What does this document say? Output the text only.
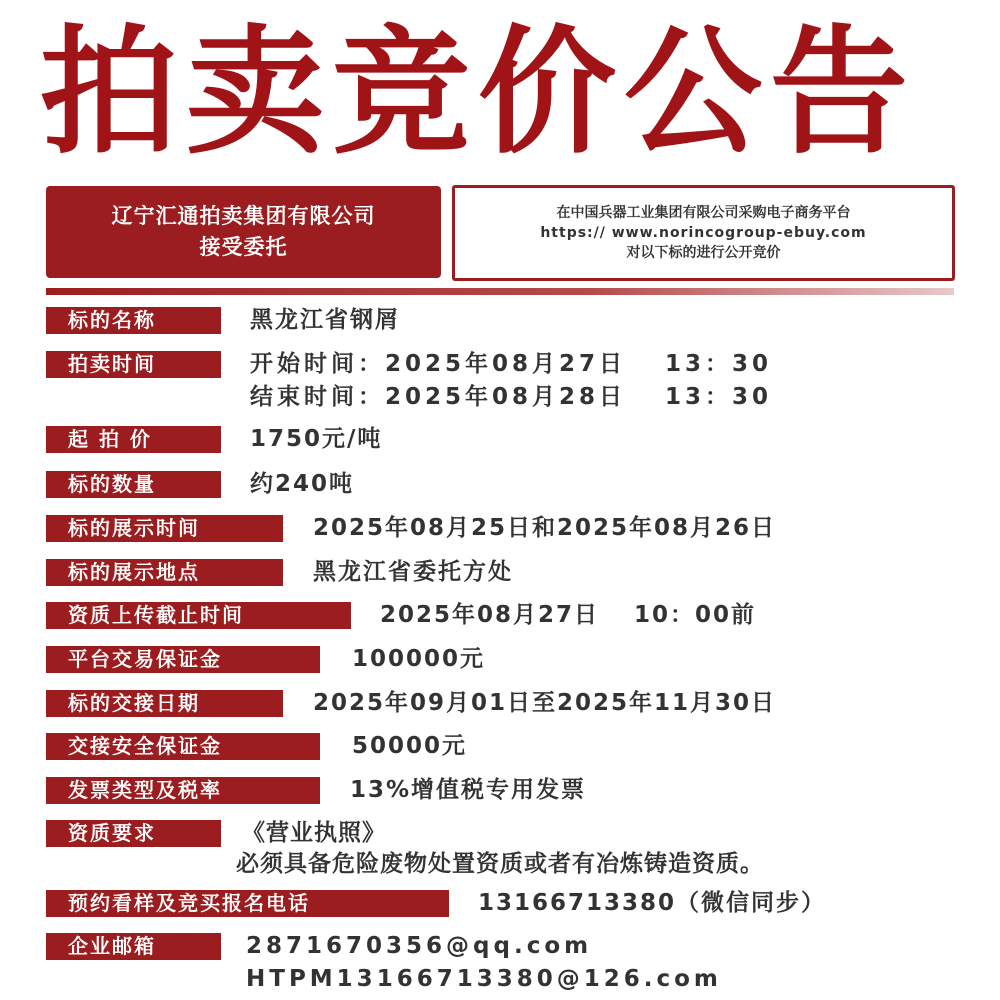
拍卖竞价公告
辽宁汇通拍卖集团有限公司
接受委托
在中国兵器工业集团有限公司采购电子商务平台
https:// www.norincogroup-ebuy.com
对以下标的进行公开竞价
标的名称	黑龙江省钢屑
拍卖时间	开始时间：2025年08月27日　 13：30
结束时间：2025年08月28日　 13：30
起 拍 价	1750元/吨
标的数量	约240吨
标的展示时间	2025年08月25日和2025年08月26日
标的展示地点	黑龙江省委托方处
资质上传截止时间	2025年08月27日　 10：00前
平台交易保证金	100000元
标的交接日期	2025年09月01日至2025年11月30日
交接安全保证金	50000元
发票类型及税率	13%增值税专用发票
资质要求	《营业执照》
必须具备危险废物处置资质或者有冶炼铸造资质。
预约看样及竞买报名电话	13166713380（微信同步）
企业邮箱	2871670356@qq.com
HTPM13166713380@126.com
